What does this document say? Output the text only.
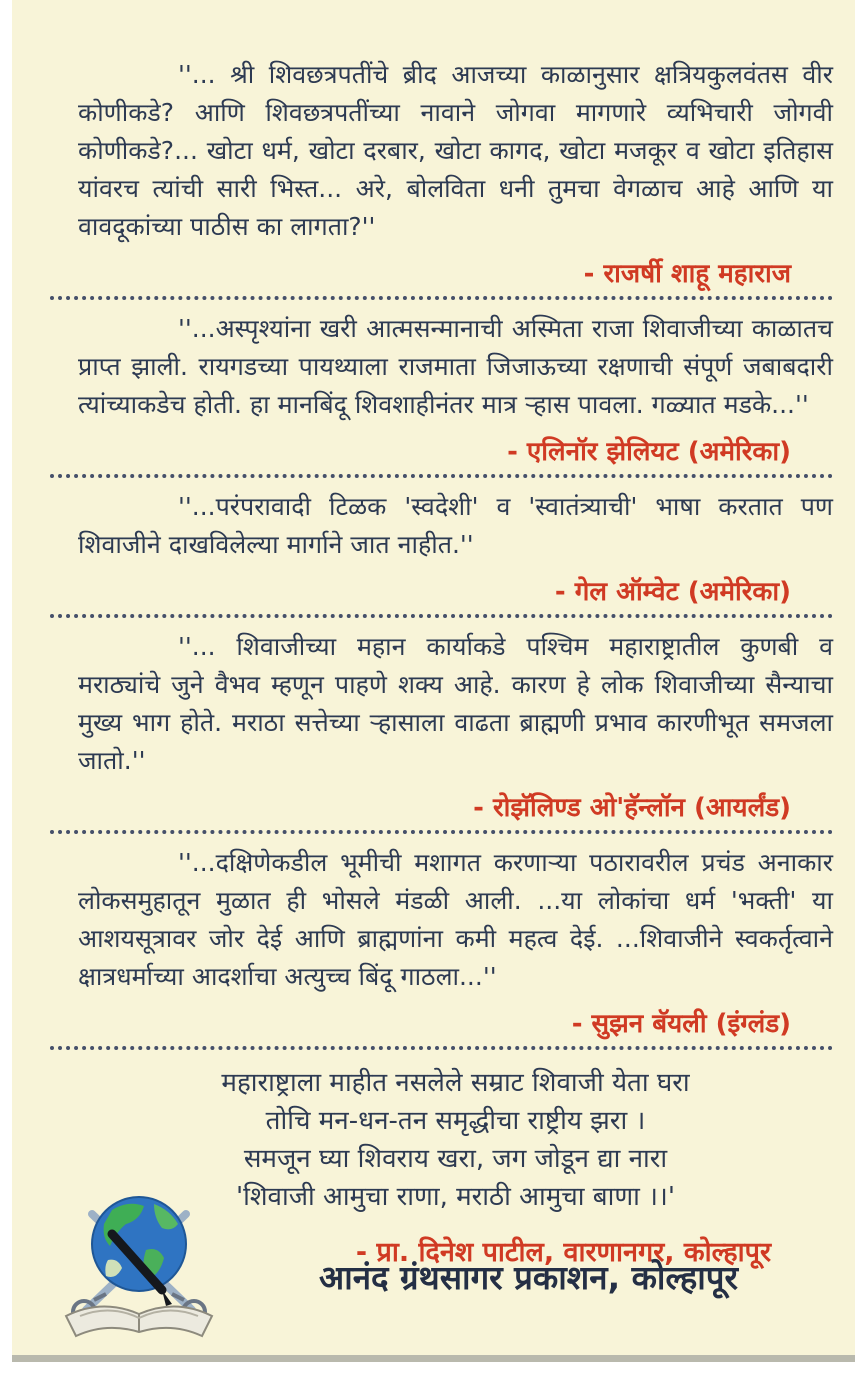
''... श्री शिवछत्रपतींचे ब्रीद आजच्या काळानुसार क्षत्रियकुलवंतस वीर कोणीकडे? आणि शिवछत्रपतींच्या नावाने जोगवा मागणारे व्यभिचारी जोगवी कोणीकडे?... खोटा धर्म, खोटा दरबार, खोटा कागद, खोटा मजकूर व खोटा इतिहास यांवरच त्यांची सारी भिस्त... अरे, बोलविता धनी तुमचा वेगळाच आहे आणि या वावदूकांच्या पाठीस का लागता?''

- राजर्षी शाहू महाराज

''...अस्पृश्यांना खरी आत्मसन्मानाची अस्मिता राजा शिवाजीच्या काळातच प्राप्त झाली. रायगडच्या पायथ्याला राजमाता जिजाऊच्या रक्षणाची संपूर्ण जबाबदारी त्यांच्याकडेच होती. हा मानबिंदू शिवशाहीनंतर मात्र ऱ्हास पावला. गळ्यात मडके...''

- एलिनॉर झेलियट (अमेरिका)

''...परंपरावादी टिळक 'स्वदेशी' व 'स्वातंत्र्याची' भाषा करतात पण शिवाजीने दाखविलेल्या मार्गाने जात नाहीत.''

- गेल ऑम्वेट (अमेरिका)

''... शिवाजीच्या महान कार्याकडे पश्चिम महाराष्ट्रातील कुणबी व मराठ्यांचे जुने वैभव म्हणून पाहणे शक्य आहे. कारण हे लोक शिवाजीच्या सैन्याचा मुख्य भाग होते. मराठा सत्तेच्या ऱ्हासाला वाढता ब्राह्मणी प्रभाव कारणीभूत समजला जातो.''

- रोझॅलिण्ड ओ'हॅन्लॉन (आयर्लंड)

''...दक्षिणेकडील भूमीची मशागत करणाऱ्या पठारावरील प्रचंड अनाकार लोकसमुहातून मुळात ही भोसले मंडळी आली. ...या लोकांचा धर्म 'भक्ती' या आशयसूत्रावर जोर देई आणि ब्राह्मणांना कमी महत्व देई. ...शिवाजीने स्वकर्तृत्वाने क्षात्रधर्माच्या आदर्शाचा अत्युच्च बिंदू गाठला...''

- सुझन बॅयली (इंग्लंड)
महाराष्ट्राला माहीत नसलेले सम्राट शिवाजी येता घरा
तोचि मन-धन-तन समृद्धीचा राष्ट्रीय झरा ।
समजून घ्या शिवराय खरा, जग जोडून द्या नारा
'शिवाजी आमुचा राणा, मराठी आमुचा बाणा ।।'
- प्रा. दिनेश पाटील, वारणानगर, कोल्हापूर
आनंद ग्रंथसागर प्रकाशन, कोल्हापूर
